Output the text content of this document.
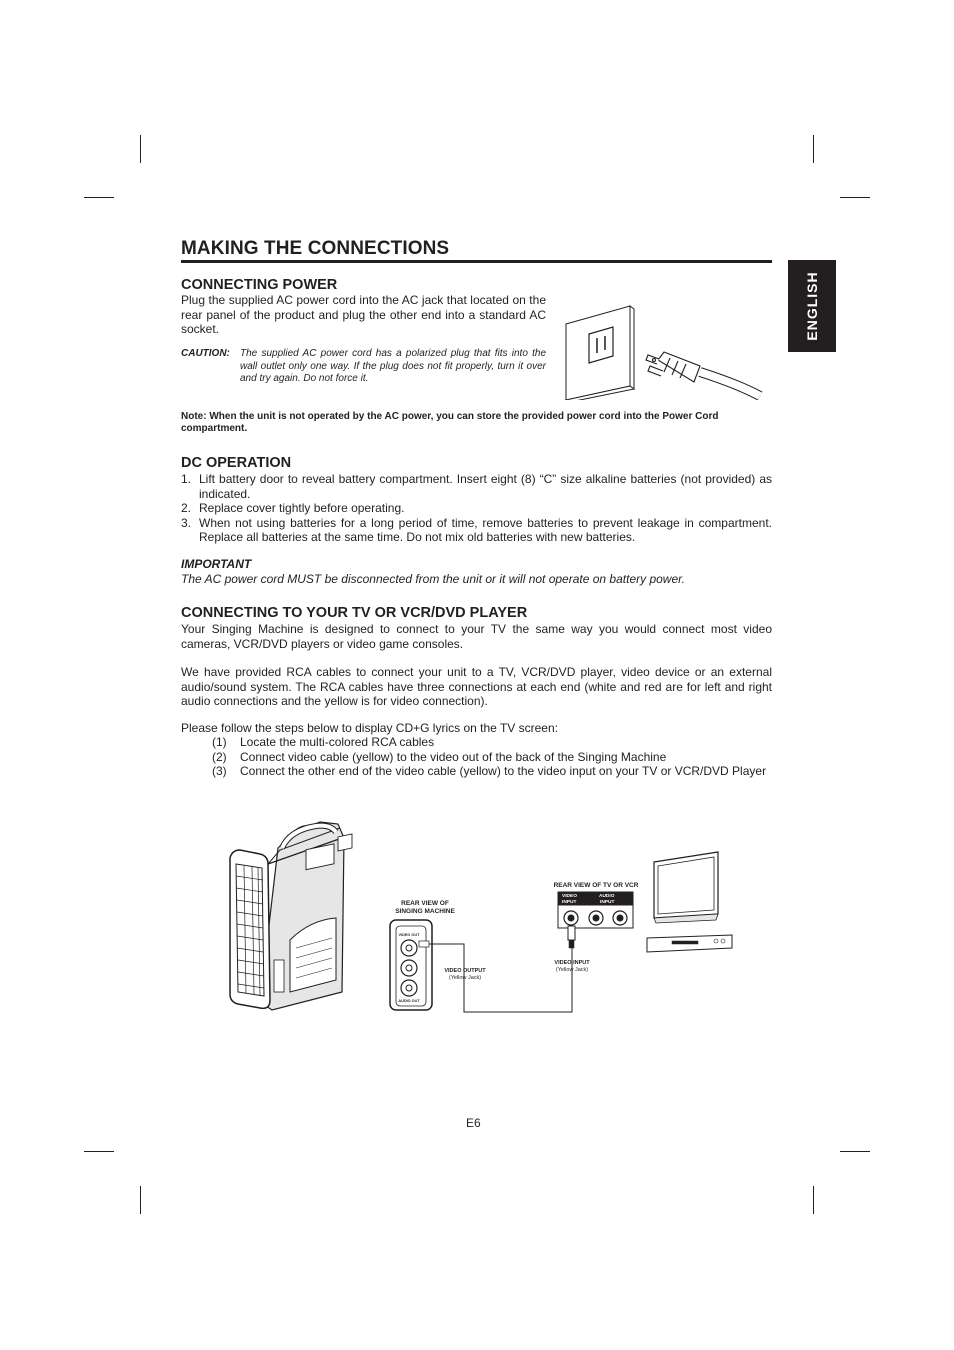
MAKING THE CONNECTIONS
ENGLISH
CONNECTING POWER
Plug the supplied AC power cord into the AC jack that located on the rear panel of the product and plug the other end into a standard AC socket.
CAUTION: The supplied AC power cord has a polarized plug that fits into the wall outlet only one way. If the plug does not fit properly, turn it over and try again. Do not force it.
Note: When the unit is not operated by the AC power, you can store the provided power cord into the Power Cord compartment.
DC OPERATION
1. Lift battery door to reveal battery compartment. Insert eight (8) “C” size alkaline batteries (not provided) as indicated.
2. Replace cover tightly before operating.
3. When not using batteries for a long period of time, remove batteries to prevent leakage in compartment. Replace all batteries at the same time. Do not mix old batteries with new batteries.
IMPORTANT
The AC power cord MUST be disconnected from the unit or it will not operate on battery power.
CONNECTING TO YOUR TV OR VCR/DVD PLAYER
Your Singing Machine is designed to connect to your TV the same way you would connect most video cameras, VCR/DVD players or video game consoles.
We have provided RCA cables to connect your unit to a TV, VCR/DVD player, video device or an external audio/sound system. The RCA cables have three connections at each end (white and red are for left and right audio connections and the yellow is for video connection).
Please follow the steps below to display CD+G lyrics on the TV screen:
(1) Locate the multi-colored RCA cables
(2) Connect video cable (yellow) to the video out of the back of the Singing Machine
(3) Connect the other end of the video cable (yellow) to the video input on your TV or VCR/DVD Player
REAR VIEW OF
SINGING MACHINE
VIDEO OUT
AUDIO OUT
VIDEO OUTPUT
(Yellow Jack)
REAR VIEW OF TV OR VCR
VIDEO
INPUT
AUDIO
INPUT
VIDEO INPUT
(Yellow Jack)
E6
